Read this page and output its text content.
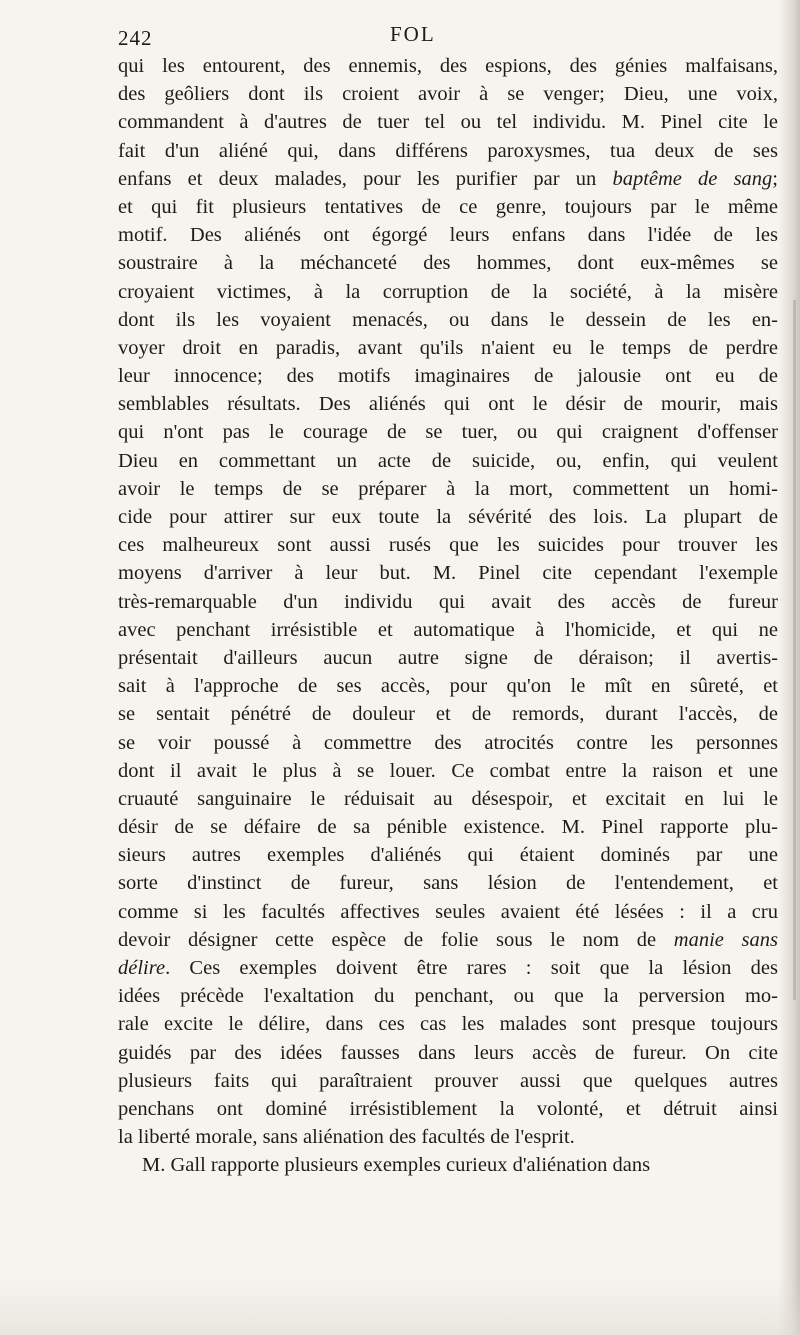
242	FOL
qui les entourent, des ennemis, des espions, des génies malfaisans,
des geôliers dont ils croient avoir à se venger; Dieu, une voix,
commandent à d'autres de tuer tel ou tel individu. M. Pinel cite le
fait d'un aliéné qui, dans différens paroxysmes, tua deux de ses
enfans et deux malades, pour les purifier par un baptême de sang;
et qui fit plusieurs tentatives de ce genre, toujours par le même
motif. Des aliénés ont égorgé leurs enfans dans l'idée de les
soustraire à la méchanceté des hommes, dont eux-mêmes se
croyaient victimes, à la corruption de la société, à la misère
dont ils les voyaient menacés, ou dans le dessein de les en-
voyer droit en paradis, avant qu'ils n'aient eu le temps de perdre
leur innocence; des motifs imaginaires de jalousie ont eu de
semblables résultats. Des aliénés qui ont le désir de mourir, mais
qui n'ont pas le courage de se tuer, ou qui craignent d'offenser
Dieu en commettant un acte de suicide, ou, enfin, qui veulent
avoir le temps de se préparer à la mort, commettent un homi-
cide pour attirer sur eux toute la sévérité des lois. La plupart de
ces malheureux sont aussi rusés que les suicides pour trouver les
moyens d'arriver à leur but. M. Pinel cite cependant l'exemple
très-remarquable d'un individu qui avait des accès de fureur
avec penchant irrésistible et automatique à l'homicide, et qui ne
présentait d'ailleurs aucun autre signe de déraison; il avertis-
sait à l'approche de ses accès, pour qu'on le mît en sûreté, et
se sentait pénétré de douleur et de remords, durant l'accès, de
se voir poussé à commettre des atrocités contre les personnes
dont il avait le plus à se louer. Ce combat entre la raison et une
cruauté sanguinaire le réduisait au désespoir, et excitait en lui le
désir de se défaire de sa pénible existence. M. Pinel rapporte plu-
sieurs autres exemples d'aliénés qui étaient dominés par une
sorte d'instinct de fureur, sans lésion de l'entendement, et
comme si les facultés affectives seules avaient été lésées : il a cru
devoir désigner cette espèce de folie sous le nom de manie sans
délire. Ces exemples doivent être rares : soit que la lésion des
idées précède l'exaltation du penchant, ou que la perversion mo-
rale excite le délire, dans ces cas les malades sont presque toujours
guidés par des idées fausses dans leurs accès de fureur. On cite
plusieurs faits qui paraîtraient prouver aussi que quelques autres
penchans ont dominé irrésistiblement la volonté, et détruit ainsi
la liberté morale, sans aliénation des facultés de l'esprit.
M. Gall rapporte plusieurs exemples curieux d'aliénation dans
